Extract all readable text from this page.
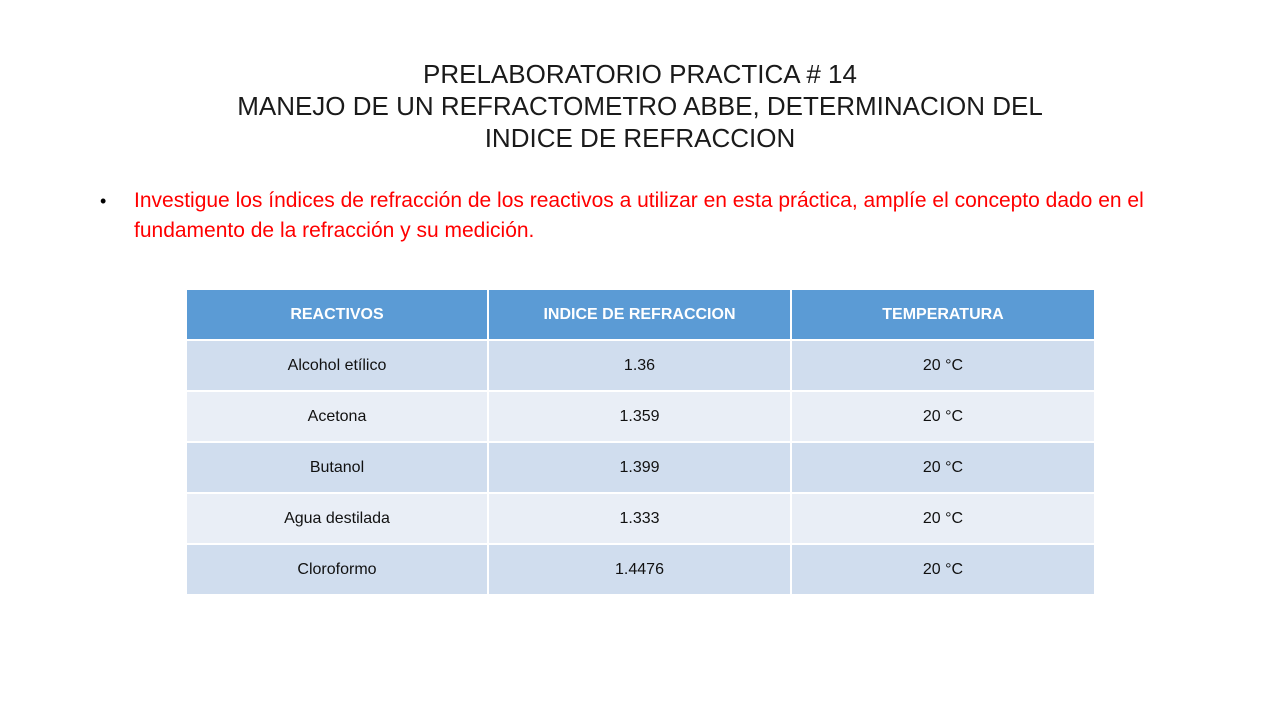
PRELABORATORIO PRACTICA # 14
MANEJO DE UN REFRACTOMETRO ABBE, DETERMINACION DEL
INDICE DE REFRACCION
•	Investigue los índices de refracción de los reactivos a utilizar en esta práctica, amplíe el concepto dado en el fundamento de la refracción y su medición.
REACTIVOS	INDICE DE REFRACCION	TEMPERATURA
Alcohol etílico	1.36	20 °C
Acetona	1.359	20 °C
Butanol	1.399	20 °C
Agua destilada	1.333	20 °C
Cloroformo	1.4476	20 °C
